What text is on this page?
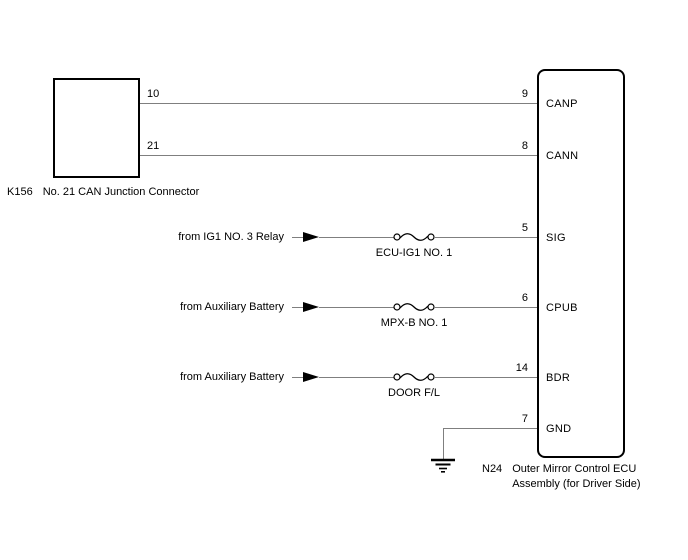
K156 No. 21 CAN Junction Connector
N24 Outer Mirror Control ECU
Assembly (for Driver Side)
10	9
CANP
21	8
CANN
from IG1 NO. 3 Relay
ECU-IG1 NO. 1
5
SIG
from Auxiliary Battery
MPX-B NO. 1
6
CPUB
from Auxiliary Battery
DOOR F/L
14
BDR
7
GND
